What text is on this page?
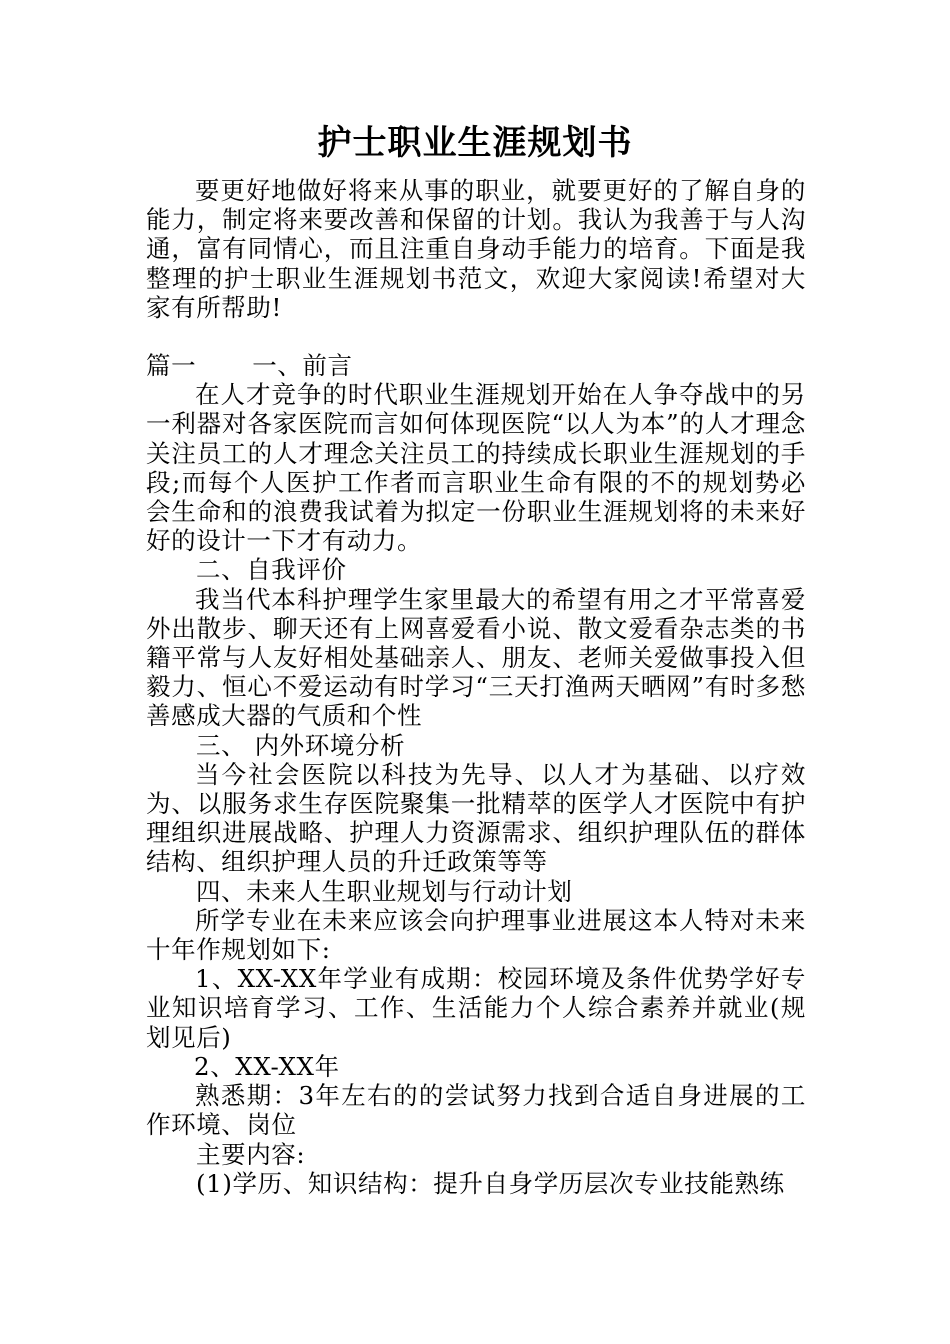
护士职业生涯规划书

要更好地做好将来从事的职业，就要更好的了解自身的能力，制定将来要改善和保留的计划。我认为我善于与人沟通，富有同情心，而且注重自身动手能力的培育。下面是我整理的护士职业生涯规划书范文，欢迎大家阅读!希望对大家有所帮助!

篇一 一、前言

在人才竞争的时代职业生涯规划开始在人争夺战中的另一利器对各家医院而言如何体现医院“以人为本”的人才理念关注员工的人才理念关注员工的持续成长职业生涯规划的手段;而每个人医护工作者而言职业生命有限的不的规划势必会生命和的浪费我试着为拟定一份职业生涯规划将的未来好好的设计一下才有动力。

二、自我评价

我当代本科护理学生家里最大的希望有用之才平常喜爱外出散步、聊天还有上网喜爱看小说、散文爱看杂志类的书籍平常与人友好相处基础亲人、朋友、老师关爱做事投入但毅力、恒心不爱运动有时学习“三天打渔两天晒网”有时多愁善感成大器的气质和个性

三、 内外环境分析

当今社会医院以科技为先导、以人才为基础、以疗效为、以服务求生存医院聚集一批精萃的医学人才医院中有护理组织进展战略、护理人力资源需求、组织护理队伍的群体结构、组织护理人员的升迁政策等等

四、未来人生职业规划与行动计划

所学专业在未来应该会向护理事业进展这本人特对未来十年作规划如下:

1、XX-XX年学业有成期：校园环境及条件优势学好专业知识培育学习、工作、生活能力个人综合素养并就业(规划见后)

2、XX-XX年

熟悉期：3年左右的的尝试努力找到合适自身进展的工作环境、岗位

主要内容:

(1)学历、知识结构：提升自身学历层次专业技能熟练
